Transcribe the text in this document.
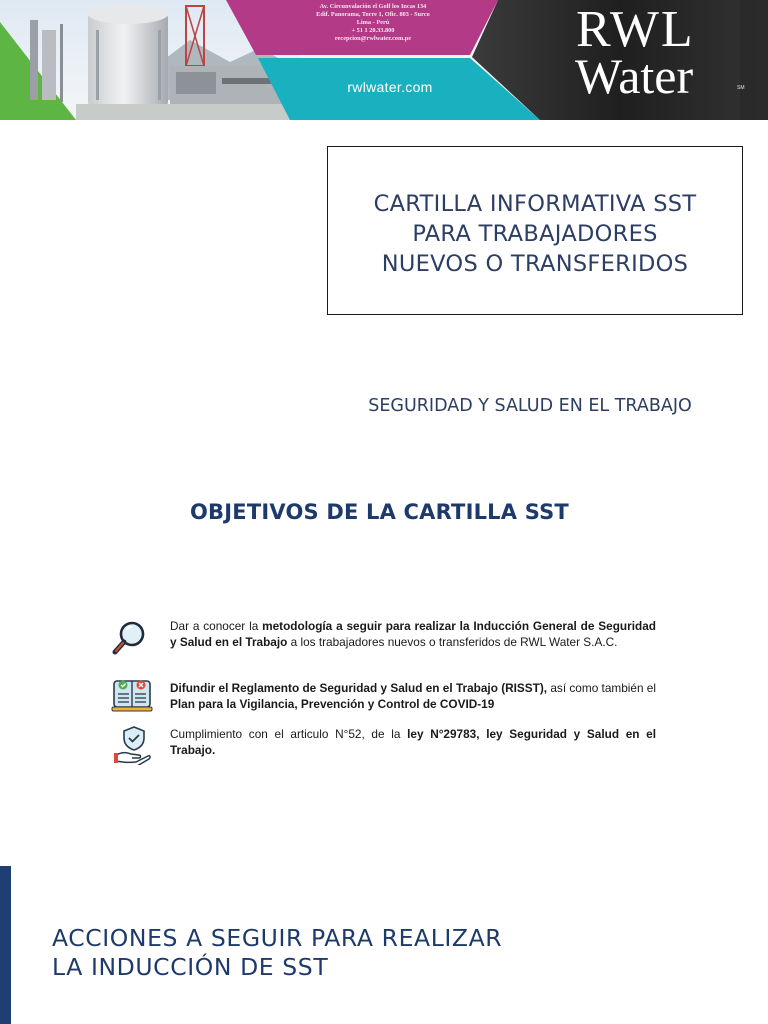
Av. Circunvalación el Golf los Incas 134
Edif. Panorama, Torre 1, Ofic. 803 - Surco
Lima - Perú
+ 51 1 20.33.800
recepcion@rwlwater.com.pe
rwlwater.com
RWL
Water	SM
CARTILLA INFORMATIVA SST
PARA TRABAJADORES
NUEVOS O TRANSFERIDOS
SEGURIDAD Y SALUD EN EL TRABAJO
OBJETIVOS DE LA CARTILLA SST
Dar a conocer la metodología a seguir para realizar la Inducción General de Seguridad y Salud en el Trabajo a los trabajadores nuevos o transferidos de RWL Water S.A.C.
Difundir el Reglamento de Seguridad y Salud en el Trabajo (RISST), así como también el Plan para la Vigilancia, Prevención y Control de COVID-19
Cumplimiento con el articulo N°52, de la ley N°29783, ley Seguridad y Salud en el Trabajo.
ACCIONES A SEGUIR PARA REALIZAR
LA INDUCCIÓN DE SST
